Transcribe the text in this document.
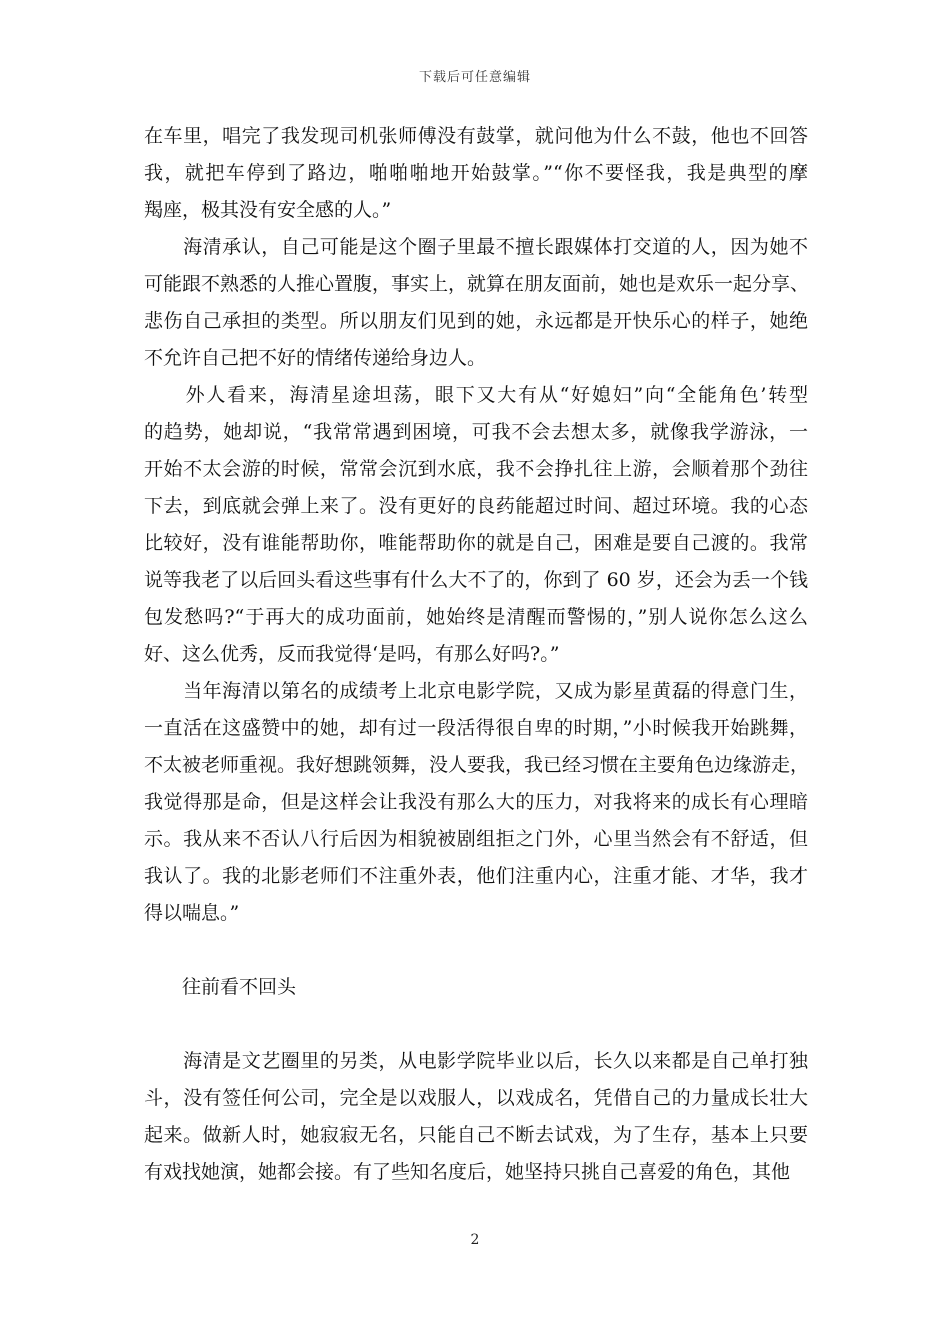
下载后可任意编辑
在车里，唱完了我发现司机张师傅没有鼓掌，就问他为什么不鼓，他也不回答
我，就把车停到了路边，啪啪啪地开始鼓掌。”“你不要怪我，我是典型的摩
羯座，极其没有安全感的人。”
　　海清承认，自己可能是这个圈子里最不擅长跟媒体打交道的人，因为她不
可能跟不熟悉的人推心置腹，事实上，就算在朋友面前，她也是欢乐一起分享、
悲伤自己承担的类型。所以朋友们见到的她，永远都是开快乐心的样子，她绝
不允许自己把不好的情绪传递给身边人。
　　外人看来，海清星途坦荡，眼下又大有从“好媳妇”向“全能角色’转型
的趋势，她却说，“我常常遇到困境，可我不会去想太多，就像我学游泳，一
开始不太会游的时候，常常会沉到水底，我不会挣扎往上游，会顺着那个劲往
下去，到底就会弹上来了。没有更好的良药能超过时间、超过环境。我的心态
比较好，没有谁能帮助你，唯能帮助你的就是自己，困难是要自己渡的。我常
说等我老了以后回头看这些事有什么大不了的，你到了 60 岁，还会为丢一个钱
包发愁吗?“于再大的成功面前，她始终是清醒而警惕的，”别人说你怎么这么
好、这么优秀，反而我觉得‘是吗，有那么好吗?。”
　　当年海清以第名的成绩考上北京电影学院，又成为影星黄磊的得意门生，
一直活在这盛赞中的她，却有过一段活得很自卑的时期，”小时候我开始跳舞，
不太被老师重视。我好想跳领舞，没人要我，我已经习惯在主要角色边缘游走，
我觉得那是命，但是这样会让我没有那么大的压力，对我将来的成长有心理暗
示。我从来不否认八行后因为相貌被剧组拒之门外，心里当然会有不舒适，但
我认了。我的北影老师们不注重外表，他们注重内心，注重才能、才华，我才
得以喘息。”
往前看不回头
　　海清是文艺圈里的另类，从电影学院毕业以后，长久以来都是自己单打独
斗，没有签任何公司，完全是以戏服人，以戏成名，凭借自己的力量成长壮大
起来。做新人时，她寂寂无名，只能自己不断去试戏，为了生存，基本上只要
有戏找她演，她都会接。有了些知名度后，她坚持只挑自己喜爱的角色，其他
2
